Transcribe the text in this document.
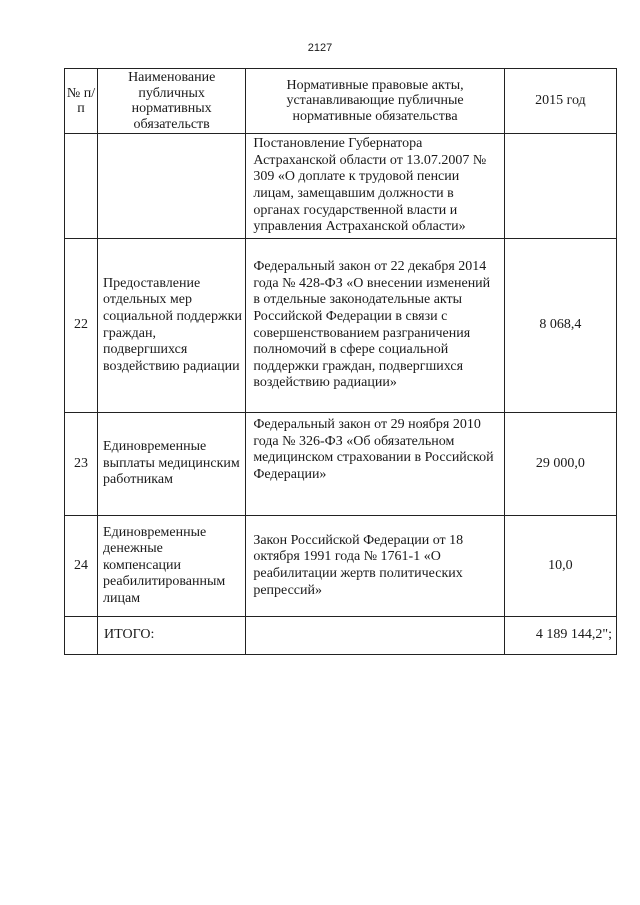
2127
№ п/п	Наименование публичных нормативных обязательств	Нормативные правовые акты, устанавливающие публичные нормативные обязательства	2015 год
		Постановление Губернатора Астраханской области от 13.07.2007 № 309 «О доплате к трудовой пенсии лицам, замещавшим должности в органах государственной власти и управления Астраханской области»	
22	Предоставление отдельных мер социальной поддержки граждан, подвергшихся воздействию радиации	Федеральный закон от 22 декабря 2014 года № 428-ФЗ «О внесении изменений в отдельные законодательные акты Российской Федерации в связи с совершенствованием разграничения полномочий в сфере социальной поддержки граждан, подвергшихся воздействию радиации»	8 068,4
23	Единовременные выплаты медицинским работникам	Федеральный закон от 29 ноября 2010 года № 326-ФЗ «Об обязательном медицинском страховании в Российской Федерации»	29 000,0
24	Единовременные денежные компенсации реабилитированным лицам	Закон Российской Федерации от 18 октября 1991 года № 1761-1 «О реабилитации жертв политических репрессий»	10,0
	ИТОГО:		4 189 144,2";
